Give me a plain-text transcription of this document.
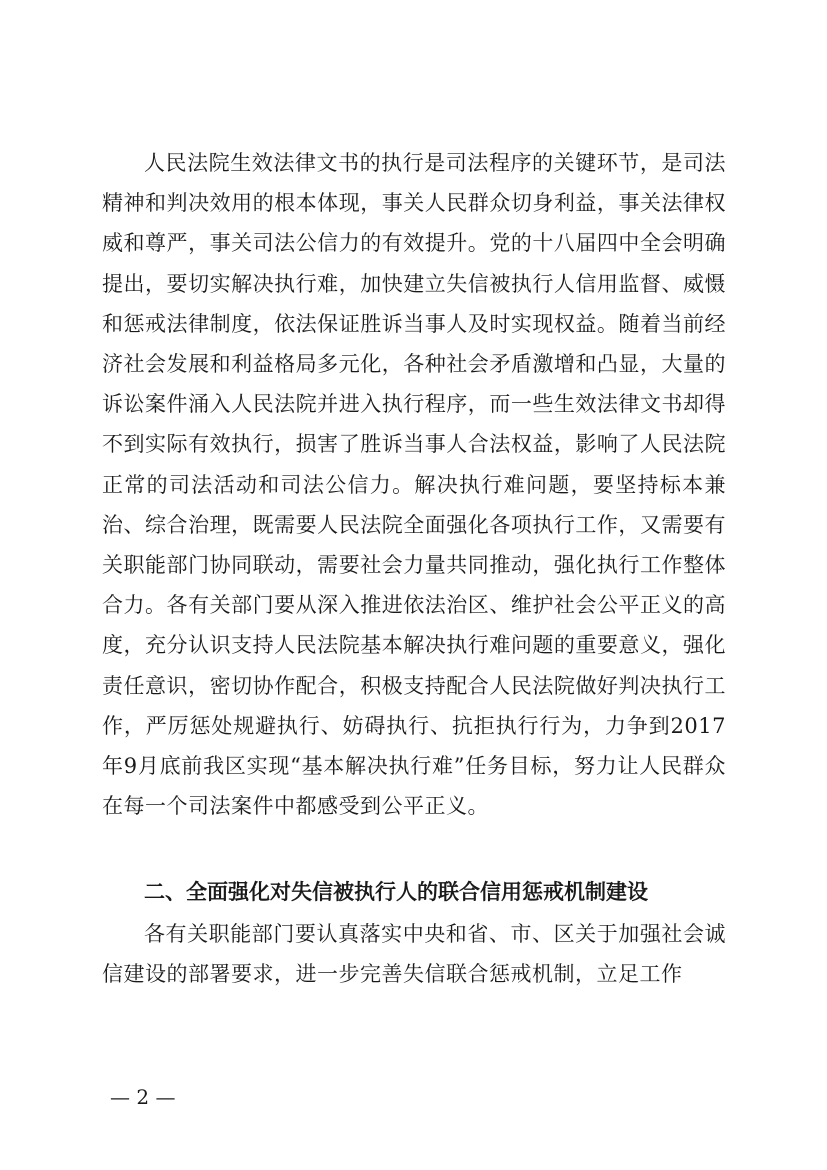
人民法院生效法律文书的执行是司法程序的关键环节，是司法精神和判决效用的根本体现，事关人民群众切身利益，事关法律权威和尊严，事关司法公信力的有效提升。党的十八届四中全会明确提出，要切实解决执行难，加快建立失信被执行人信用监督、威慑和惩戒法律制度，依法保证胜诉当事人及时实现权益。随着当前经济社会发展和利益格局多元化，各种社会矛盾激增和凸显，大量的诉讼案件涌入人民法院并进入执行程序，而一些生效法律文书却得不到实际有效执行，损害了胜诉当事人合法权益，影响了人民法院正常的司法活动和司法公信力。解决执行难问题，要坚持标本兼治、综合治理，既需要人民法院全面强化各项执行工作，又需要有关职能部门协同联动，需要社会力量共同推动，强化执行工作整体合力。各有关部门要从深入推进依法治区、维护社会公平正义的高度，充分认识支持人民法院基本解决执行难问题的重要意义，强化责任意识，密切协作配合，积极支持配合人民法院做好判决执行工作，严厉惩处规避执行、妨碍执行、抗拒执行行为，力争到2017年9月底前我区实现“基本解决执行难”任务目标，努力让人民群众在每一个司法案件中都感受到公平正义。

二、全面强化对失信被执行人的联合信用惩戒机制建设

各有关职能部门要认真落实中央和省、市、区关于加强社会诚信建设的部署要求，进一步完善失信联合惩戒机制，立足工作

— 2 —
